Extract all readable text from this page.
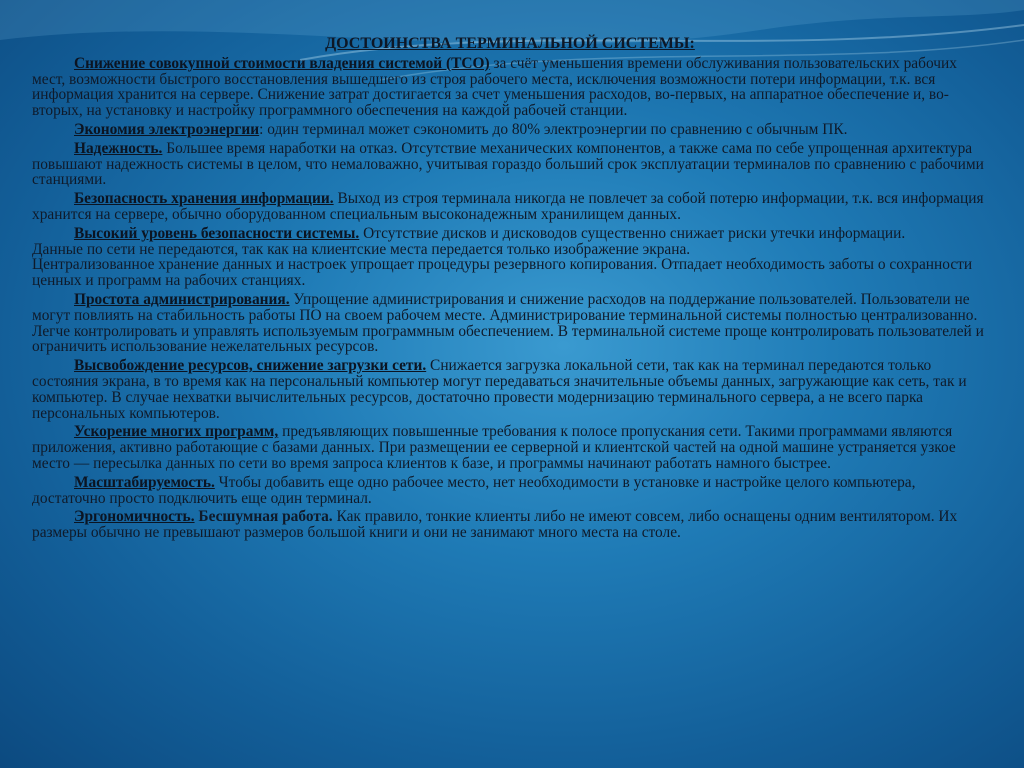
ДОСТОИНСТВА ТЕРМИНАЛЬНОЙ СИСТЕМЫ:

Снижение совокупной стоимости владения системой (TCO) за счёт уменьшения времени обслуживания пользовательских рабочих мест, возможности быстрого восстановления вышедшего из строя рабочего места, исключения возможности потери информации, т.к. вся информация хранится на сервере. Снижение затрат достигается за счет уменьшения расходов, во-первых, на аппаратное обеспечение и, во-вторых, на установку и настройку программного обеспечения на каждой рабочей станции.

Экономия электроэнергии: один терминал может сэкономить до 80% электроэнергии по сравнению с обычным ПК.

Надежность. Большее время наработки на отказ. Отсутствие механических компонентов, а также сама по себе упрощенная архитектура повышают надежность системы в целом, что немаловажно, учитывая гораздо больший срок эксплуатации терминалов по сравнению с рабочими станциями.

Безопасность хранения информации. Выход из строя терминала никогда не повлечет за собой потерю информации, т.к. вся информация хранится на сервере, обычно оборудованном специальным высоконадежным хранилищем данных.

Высокий уровень безопасности системы. Отсутствие дисков и дисководов существенно снижает риски утечки информации.
Данные по сети не передаются, так как на клиентские места передается только изображение экрана.
Централизованное хранение данных и настроек упрощает процедуры резервного копирования. Отпадает необходимость заботы о сохранности ценных и программ на рабочих станциях.

Простота администрирования. Упрощение администрирования и снижение расходов на поддержание пользователей. Пользователи не могут повлиять на стабильность работы ПО на своем рабочем месте. Администрирование терминальной системы полностью централизованно. Легче контролировать и управлять используемым программным обеспечением. В терминальной системе проще контролировать пользователей и ограничить использование нежелательных ресурсов.

Высвобождение ресурсов, снижение загрузки сети. Снижается загрузка локальной сети, так как на терминал передаются только состояния экрана, в то время как на персональный компьютер могут передаваться значительные объемы данных, загружающие как сеть, так и компьютер. В случае нехватки вычислительных ресурсов, достаточно провести модернизацию терминального сервера, а не всего парка персональных компьютеров.

Ускорение многих программ, предъявляющих повышенные требования к полосе пропускания сети. Такими программами являются приложения, активно работающие с базами данных. При размещении ее серверной и клиентской частей на одной машине устраняется узкое место — пересылка данных по сети во время запроса клиентов к базе, и программы начинают работать намного быстрее.

Масштабируемость. Чтобы добавить еще одно рабочее место, нет необходимости в установке и настройке целого компьютера, достаточно просто подключить еще один терминал.

Эргономичность. Бесшумная работа. Как правило, тонкие клиенты либо не имеют совсем, либо оснащены одним вентилятором. Их размеры обычно не превышают размеров большой книги и они не занимают много места на столе.
